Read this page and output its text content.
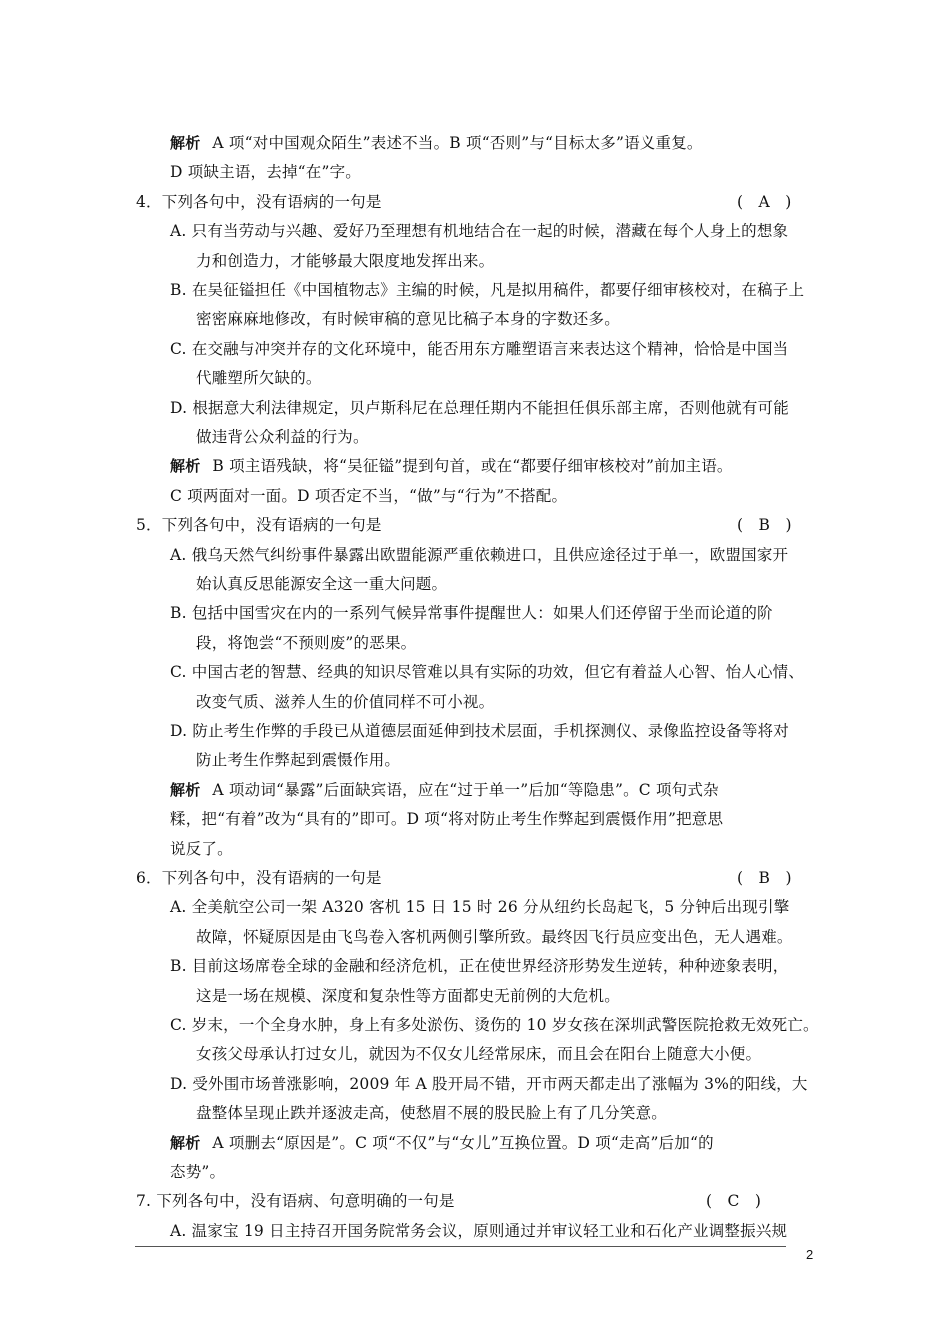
解析 A 项“对中国观众陌生”表述不当。B 项“否则”与“目标太多”语义重复。
D 项缺主语，去掉“在”字。
4．下列各句中，没有语病的一句是	(　A　)
A. 只有当劳动与兴趣、爱好乃至理想有机地结合在一起的时候，潜藏在每个人身上的想象
力和创造力，才能够最大限度地发挥出来。
B. 在吴征镒担任《中国植物志》主编的时候，凡是拟用稿件，都要仔细审核校对，在稿子上
密密麻麻地修改，有时候审稿的意见比稿子本身的字数还多。
C. 在交融与冲突并存的文化环境中，能否用东方雕塑语言来表达这个精神，恰恰是中国当
代雕塑所欠缺的。
D. 根据意大利法律规定，贝卢斯科尼在总理任期内不能担任俱乐部主席，否则他就有可能
做违背公众利益的行为。
解析 B 项主语残缺，将“吴征镒”提到句首，或在“都要仔细审核校对”前加主语。
C 项两面对一面。D 项否定不当，“做”与“行为”不搭配。
5．下列各句中，没有语病的一句是	(　B　)
A. 俄乌天然气纠纷事件暴露出欧盟能源严重依赖进口，且供应途径过于单一，欧盟国家开
始认真反思能源安全这一重大问题。
B. 包括中国雪灾在内的一系列气候异常事件提醒世人：如果人们还停留于坐而论道的阶
段，将饱尝“不预则废”的恶果。
C. 中国古老的智慧、经典的知识尽管难以具有实际的功效，但它有着益人心智、怡人心情、
改变气质、滋养人生的价值同样不可小视。
D. 防止考生作弊的手段已从道德层面延伸到技术层面，手机探测仪、录像监控设备等将对
防止考生作弊起到震慑作用。
解析 A 项动词“暴露”后面缺宾语，应在“过于单一”后加“等隐患”。C 项句式杂
糅，把“有着”改为“具有的”即可。D 项“将对防止考生作弊起到震慑作用”把意思
说反了。
6．下列各句中，没有语病的一句是	(　B　)
A. 全美航空公司一架 A320 客机 15 日 15 时 26 分从纽约长岛起飞，5 分钟后出现引擎
故障，怀疑原因是由飞鸟卷入客机两侧引擎所致。最终因飞行员应变出色，无人遇难。
B. 目前这场席卷全球的金融和经济危机，正在使世界经济形势发生逆转，种种迹象表明，
这是一场在规模、深度和复杂性等方面都史无前例的大危机。
C. 岁末，一个全身水肿，身上有多处淤伤、烫伤的 10 岁女孩在深圳武警医院抢救无效死亡。
女孩父母承认打过女儿，就因为不仅女儿经常尿床，而且会在阳台上随意大小便。
D. 受外围市场普涨影响，2009 年 A 股开局不错，开市两天都走出了涨幅为 3%的阳线，大
盘整体呈现止跌并逐波走高，使愁眉不展的股民脸上有了几分笑意。
解析 A 项删去“原因是”。C 项“不仅”与“女儿”互换位置。D 项“走高”后加“的
态势”。
7. 下列各句中，没有语病、句意明确的一句是	(　C　)
A. 温家宝 19 日主持召开国务院常务会议，原则通过并审议轻工业和石化产业调整振兴规
2
